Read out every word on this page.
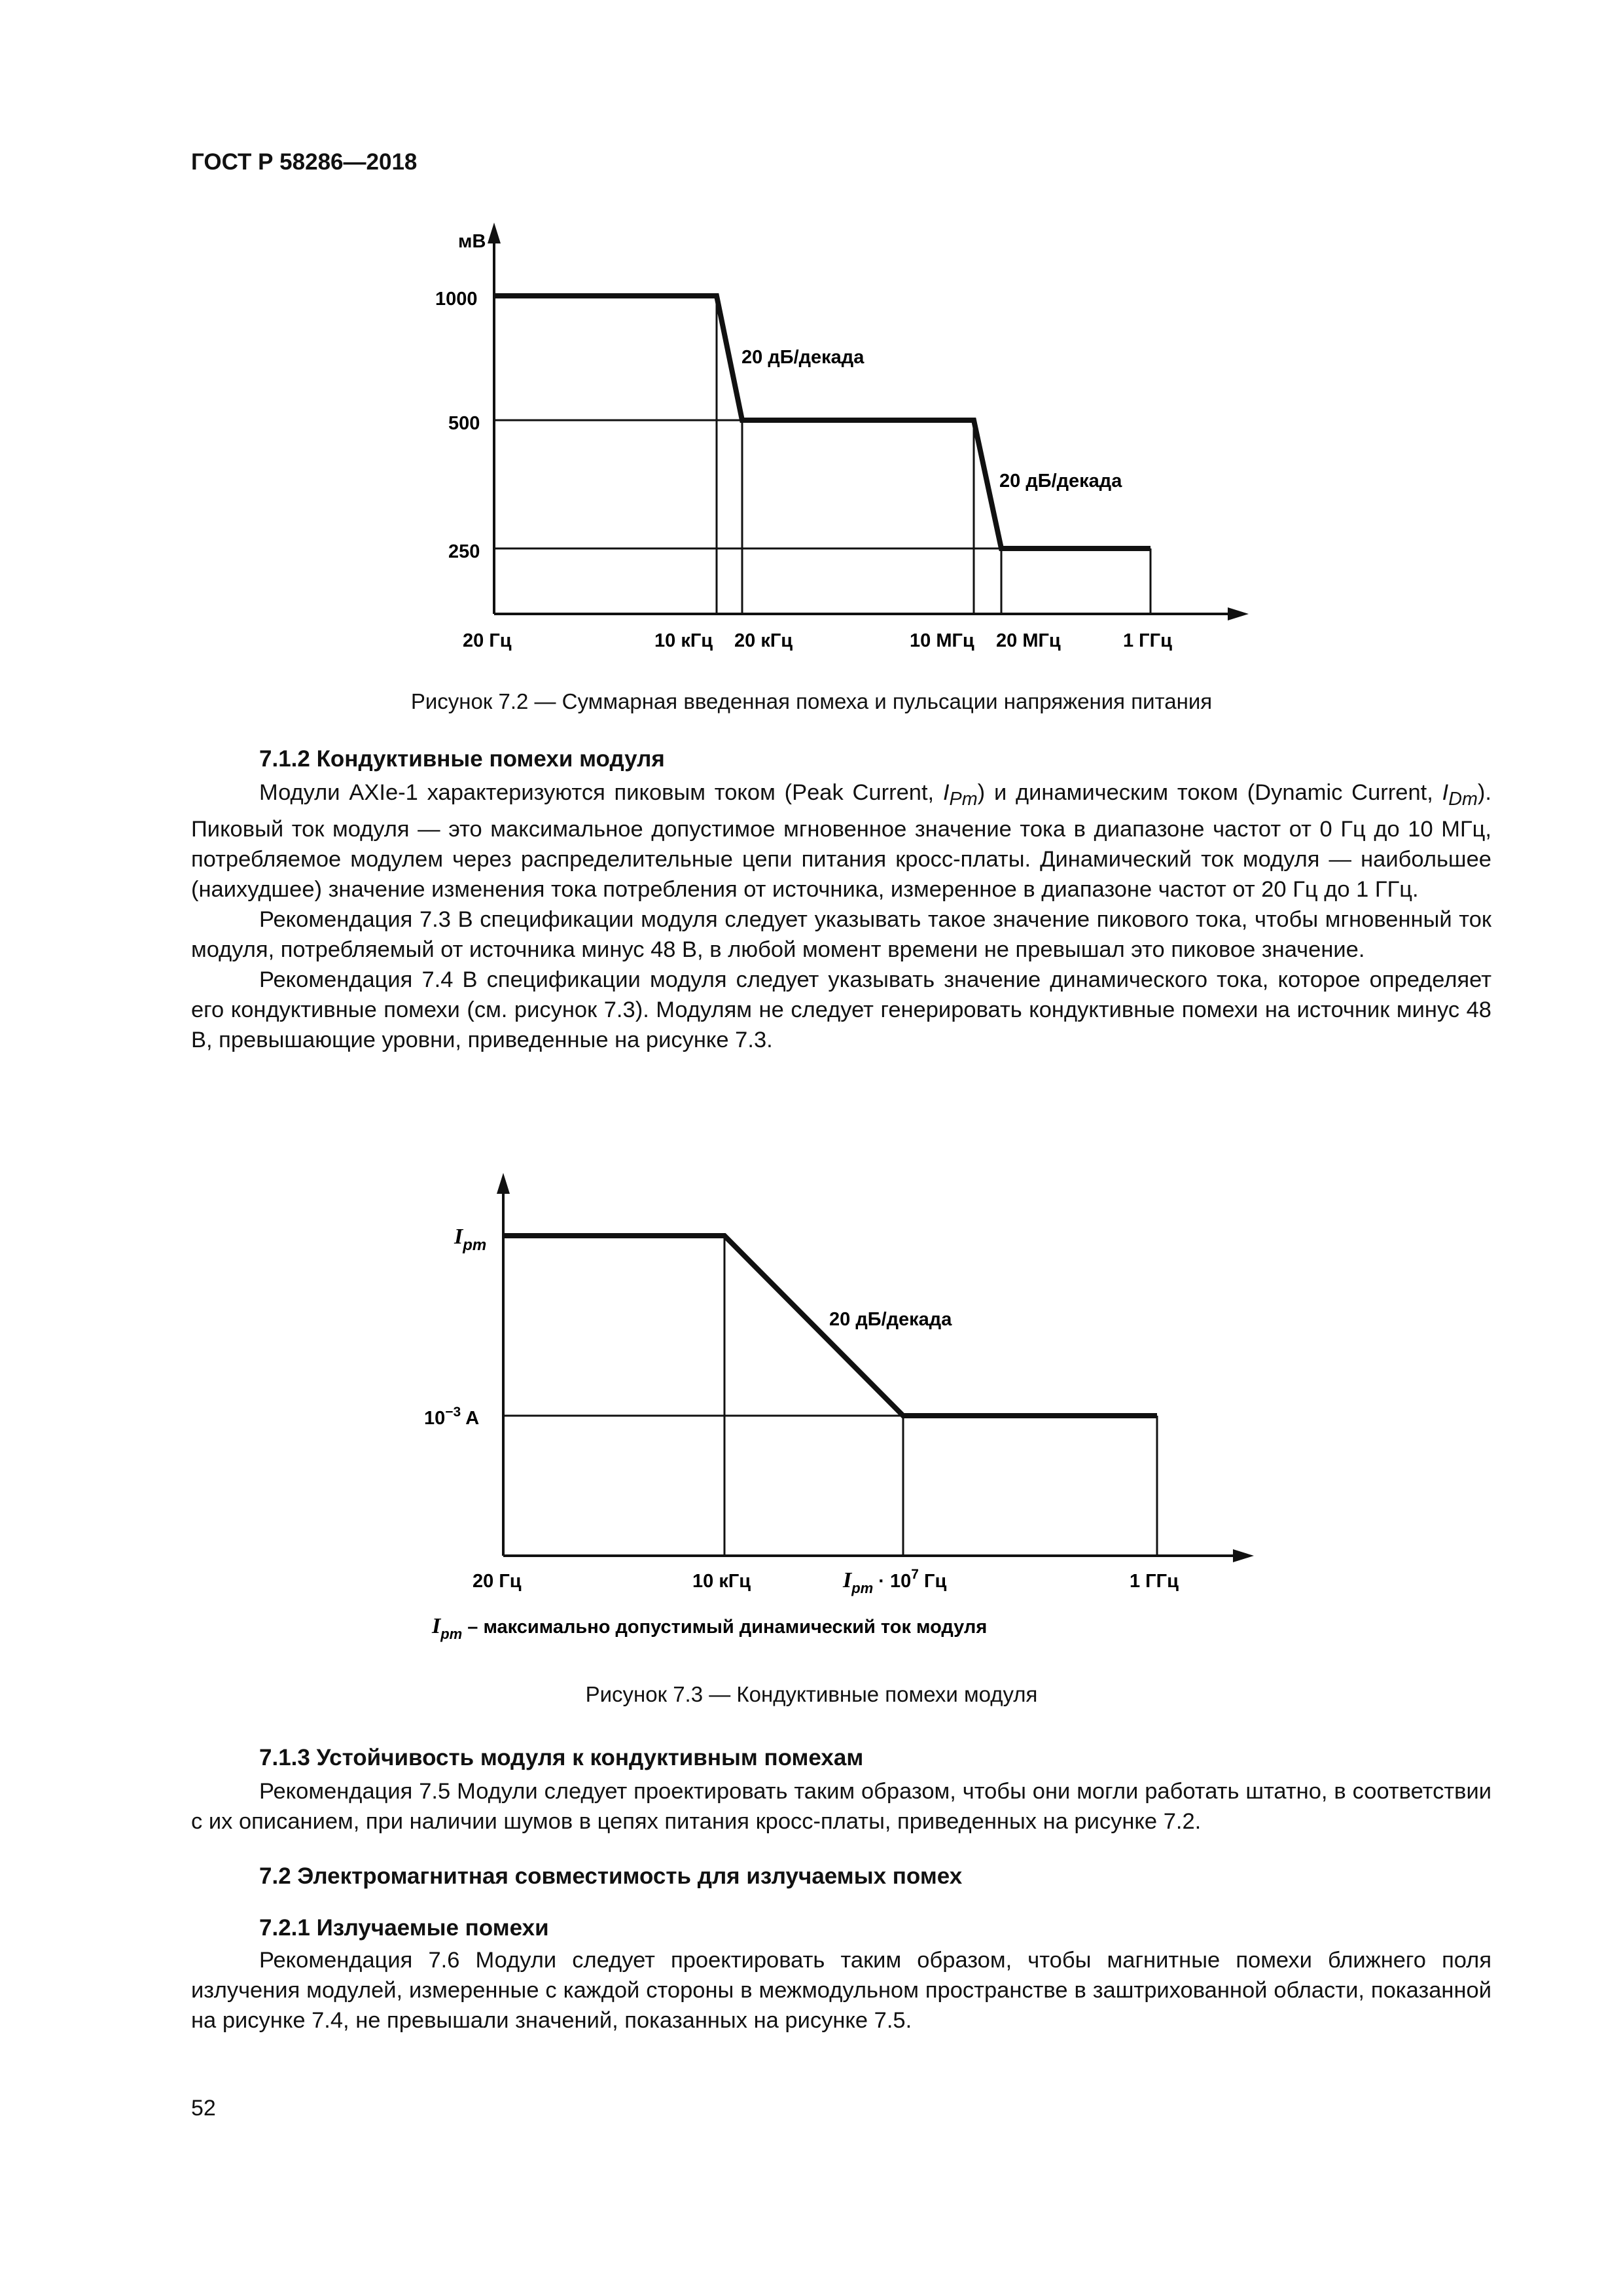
ГОСТ Р 58286—2018
мВ
1000
500
250
20 дБ/декада
20 дБ/декада
20 Гц	10 кГц 20 кГц	10 МГц 20 МГц	1 ГГц
Рисунок 7.2 — Суммарная введенная помеха и пульсации напряжения питания
7.1.2 Кондуктивные помехи модуля

Модули AXIe-1 характеризуются пиковым током (Peak Current, $I_{Pm}$) и динамическим током (Dynamic Current, $I_{Dm}$). Пиковый ток модуля — это максимальное допустимое мгновенное значение тока в диапазоне частот от 0 Гц до 10 МГц, потребляемое модулем через распределительные цепи питания кросс-платы. Динамический ток модуля — наибольшее (наихудшее) значение изменения тока потребления от источника, измеренное в диапазоне частот от 20 Гц до 1 ГГц.

Рекомендация 7.3 В спецификации модуля следует указывать такое значение пикового тока, чтобы мгновенный ток модуля, потребляемый от источника минус 48 В, в любой момент времени не превышал это пиковое значение.

Рекомендация 7.4 В спецификации модуля следует указывать значение динамического тока, которое определяет его кондуктивные помехи (см. рисунок 7.3). Модулям не следует генерировать кондуктивные помехи на источник минус 48 В, превышающие уровни, приведенные на рисунке 7.3.

$I_{pm}$
$10^{-3}$ A
20 дБ/декада
20 Гц	10 кГц	$I_{pm} \cdot 10^7$ Гц	1 ГГц
$I_{pm}$ – максимально допустимый динамический ток модуля
Рисунок 7.3 — Кондуктивные помехи модуля
7.1.3 Устойчивость модуля к кондуктивным помехам

Рекомендация 7.5 Модули следует проектировать таким образом, чтобы они могли работать штатно, в соответствии с их описанием, при наличии шумов в цепях питания кросс-платы, приведенных на рисунке 7.2.

7.2 Электромагнитная совместимость для излучаемых помех
7.2.1 Излучаемые помехи

Рекомендация 7.6 Модули следует проектировать таким образом, чтобы магнитные помехи ближнего поля излучения модулей, измеренные с каждой стороны в межмодульном пространстве в заштрихованной области, показанной на рисунке 7.4, не превышали значений, показанных на рисунке 7.5.

52
